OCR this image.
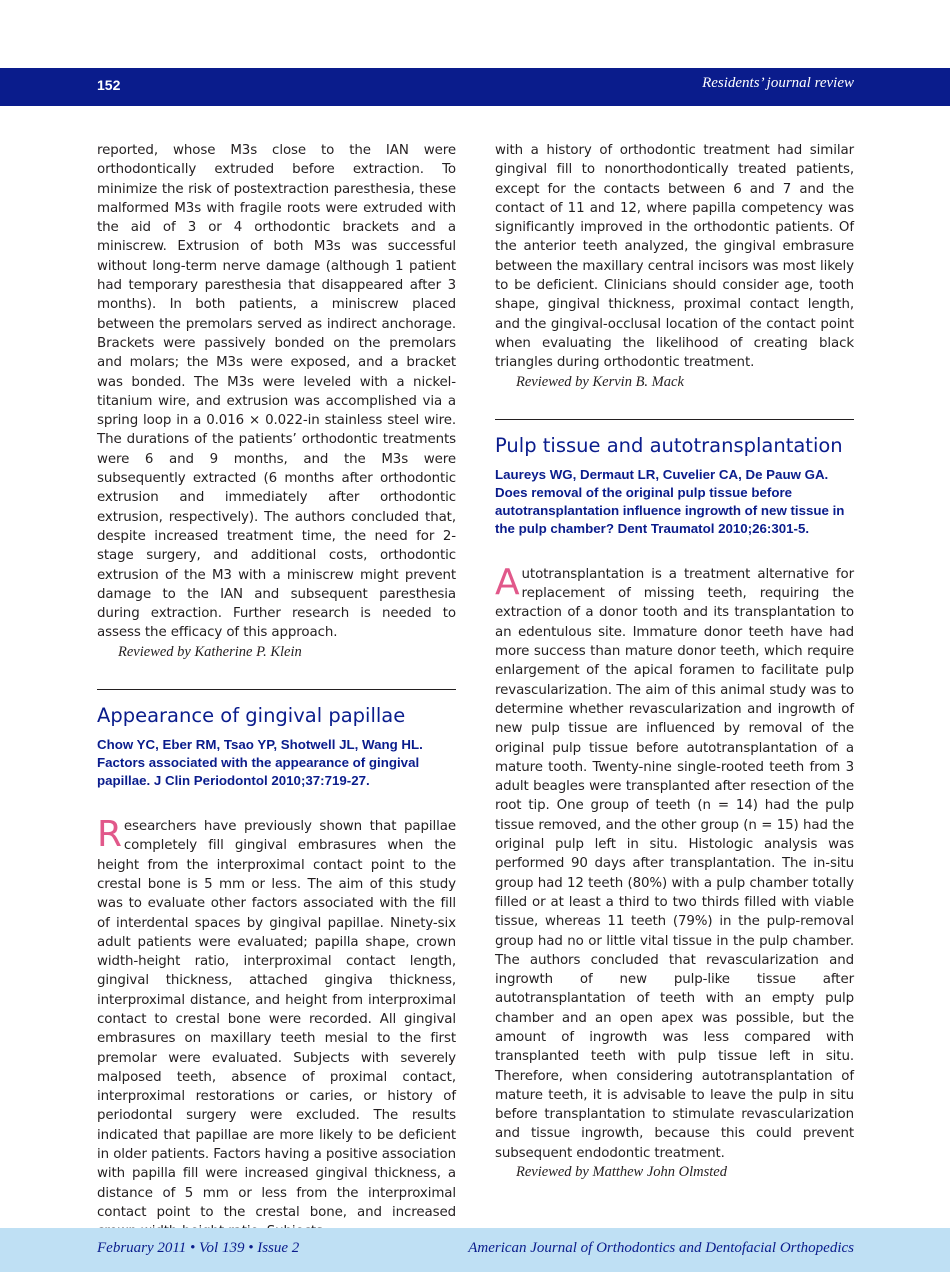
152	Residents’ journal review

reported, whose M3s close to the IAN were orthodontically extruded before extraction. To minimize the risk of postextraction paresthesia, these malformed M3s with fragile roots were extruded with the aid of 3 or 4 orthodontic brackets and a miniscrew. Extrusion of both M3s was successful without long-term nerve damage (although 1 patient had temporary paresthesia that disappeared after 3 months). In both patients, a miniscrew placed between the premolars served as indirect anchorage. Brackets were passively bonded on the premolars and molars; the M3s were exposed, and a bracket was bonded. The M3s were leveled with a nickel-titanium wire, and extrusion was accomplished via a spring loop in a 0.016 × 0.022-in stainless steel wire. The durations of the patients’ orthodontic treatments were 6 and 9 months, and the M3s were subsequently extracted (6 months after orthodontic extrusion and immediately after orthodontic extrusion, respectively). The authors concluded that, despite increased treatment time, the need for 2-stage surgery, and additional costs, orthodontic extrusion of the M3 with a miniscrew might prevent damage to the IAN and subsequent paresthesia during extraction. Further research is needed to assess the efficacy of this approach.

Reviewed by Katherine P. Klein

Appearance of gingival papillae

Chow YC, Eber RM, Tsao YP, Shotwell JL, Wang HL. Factors associated with the appearance of gingival papillae. J Clin Periodontol 2010;37:719-27.

Researchers have previously shown that papillae completely fill gingival embrasures when the height from the interproximal contact point to the crestal bone is 5 mm or less. The aim of this study was to evaluate other factors associated with the fill of interdental spaces by gingival papillae. Ninety-six adult patients were evaluated; papilla shape, crown width-height ratio, interproximal contact length, gingival thickness, attached gingiva thickness, interproximal distance, and height from interproximal contact to crestal bone were recorded. All gingival embrasures on maxillary teeth mesial to the first premolar were evaluated. Subjects with severely malposed teeth, absence of proximal contact, interproximal restorations or caries, or history of periodontal surgery were excluded. The results indicated that papillae are more likely to be deficient in older patients. Factors having a positive association with papilla fill were increased gingival thickness, a distance of 5 mm or less from the interproximal contact point to the crestal bone, and increased

with a history of orthodontic treatment had similar gingival fill to nonorthodontically treated patients, except for the contacts between 6 and 7 and the contact of 11 and 12, where papilla competency was significantly improved in the orthodontic patients. Of the anterior teeth analyzed, the gingival embrasure between the maxillary central incisors was most likely to be deficient. Clinicians should consider age, tooth shape, gingival thickness, proximal contact length, and the gingival-occlusal location of the contact point when evaluating the likelihood of creating black triangles during orthodontic treatment.

Reviewed by Kervin B. Mack

Pulp tissue and autotransplantation

Laureys WG, Dermaut LR, Cuvelier CA, De Pauw GA. Does removal of the original pulp tissue before autotransplantation influence ingrowth of new tissue in the pulp chamber? Dent Traumatol 2010;26:301-5.

Autotransplantation is a treatment alternative for replacement of missing teeth, requiring the extraction of a donor tooth and its transplantation to an edentulous site. Immature donor teeth have had more success than mature donor teeth, which require enlargement of the apical foramen to facilitate pulp revascularization. The aim of this animal study was to determine whether revascularization and ingrowth of new pulp tissue are influenced by removal of the original pulp tissue before autotransplantation of a mature tooth. Twenty-nine single-rooted teeth from 3 adult beagles were transplanted after resection of the root tip. One group of teeth (n = 14) had the pulp tissue removed, and the other group (n = 15) had the original pulp left in situ. Histologic analysis was performed 90 days after transplantation. The in-situ group had 12 teeth (80%) with a pulp chamber totally filled or at least a third to two thirds filled with viable tissue, whereas 11 teeth (79%) in the pulp-removal group had no or little vital tissue in the pulp chamber. The authors concluded that revascularization and ingrowth of new pulp-like tissue after autotransplantation of teeth with an empty pulp chamber and an open apex was possible, but the amount of ingrowth was less compared with transplanted teeth with pulp tissue left in situ. Therefore, when considering autotransplantation of mature teeth, it is advisable to leave the pulp in situ before transplantation to stimulate revascularization and tissue ingrowth, because this could prevent subsequent endodontic treatment.

Reviewed by Matthew John Olmsted

February 2011 • Vol 139 • Issue 2	American Journal of Orthodontics and Dentofacial Orthopedics
